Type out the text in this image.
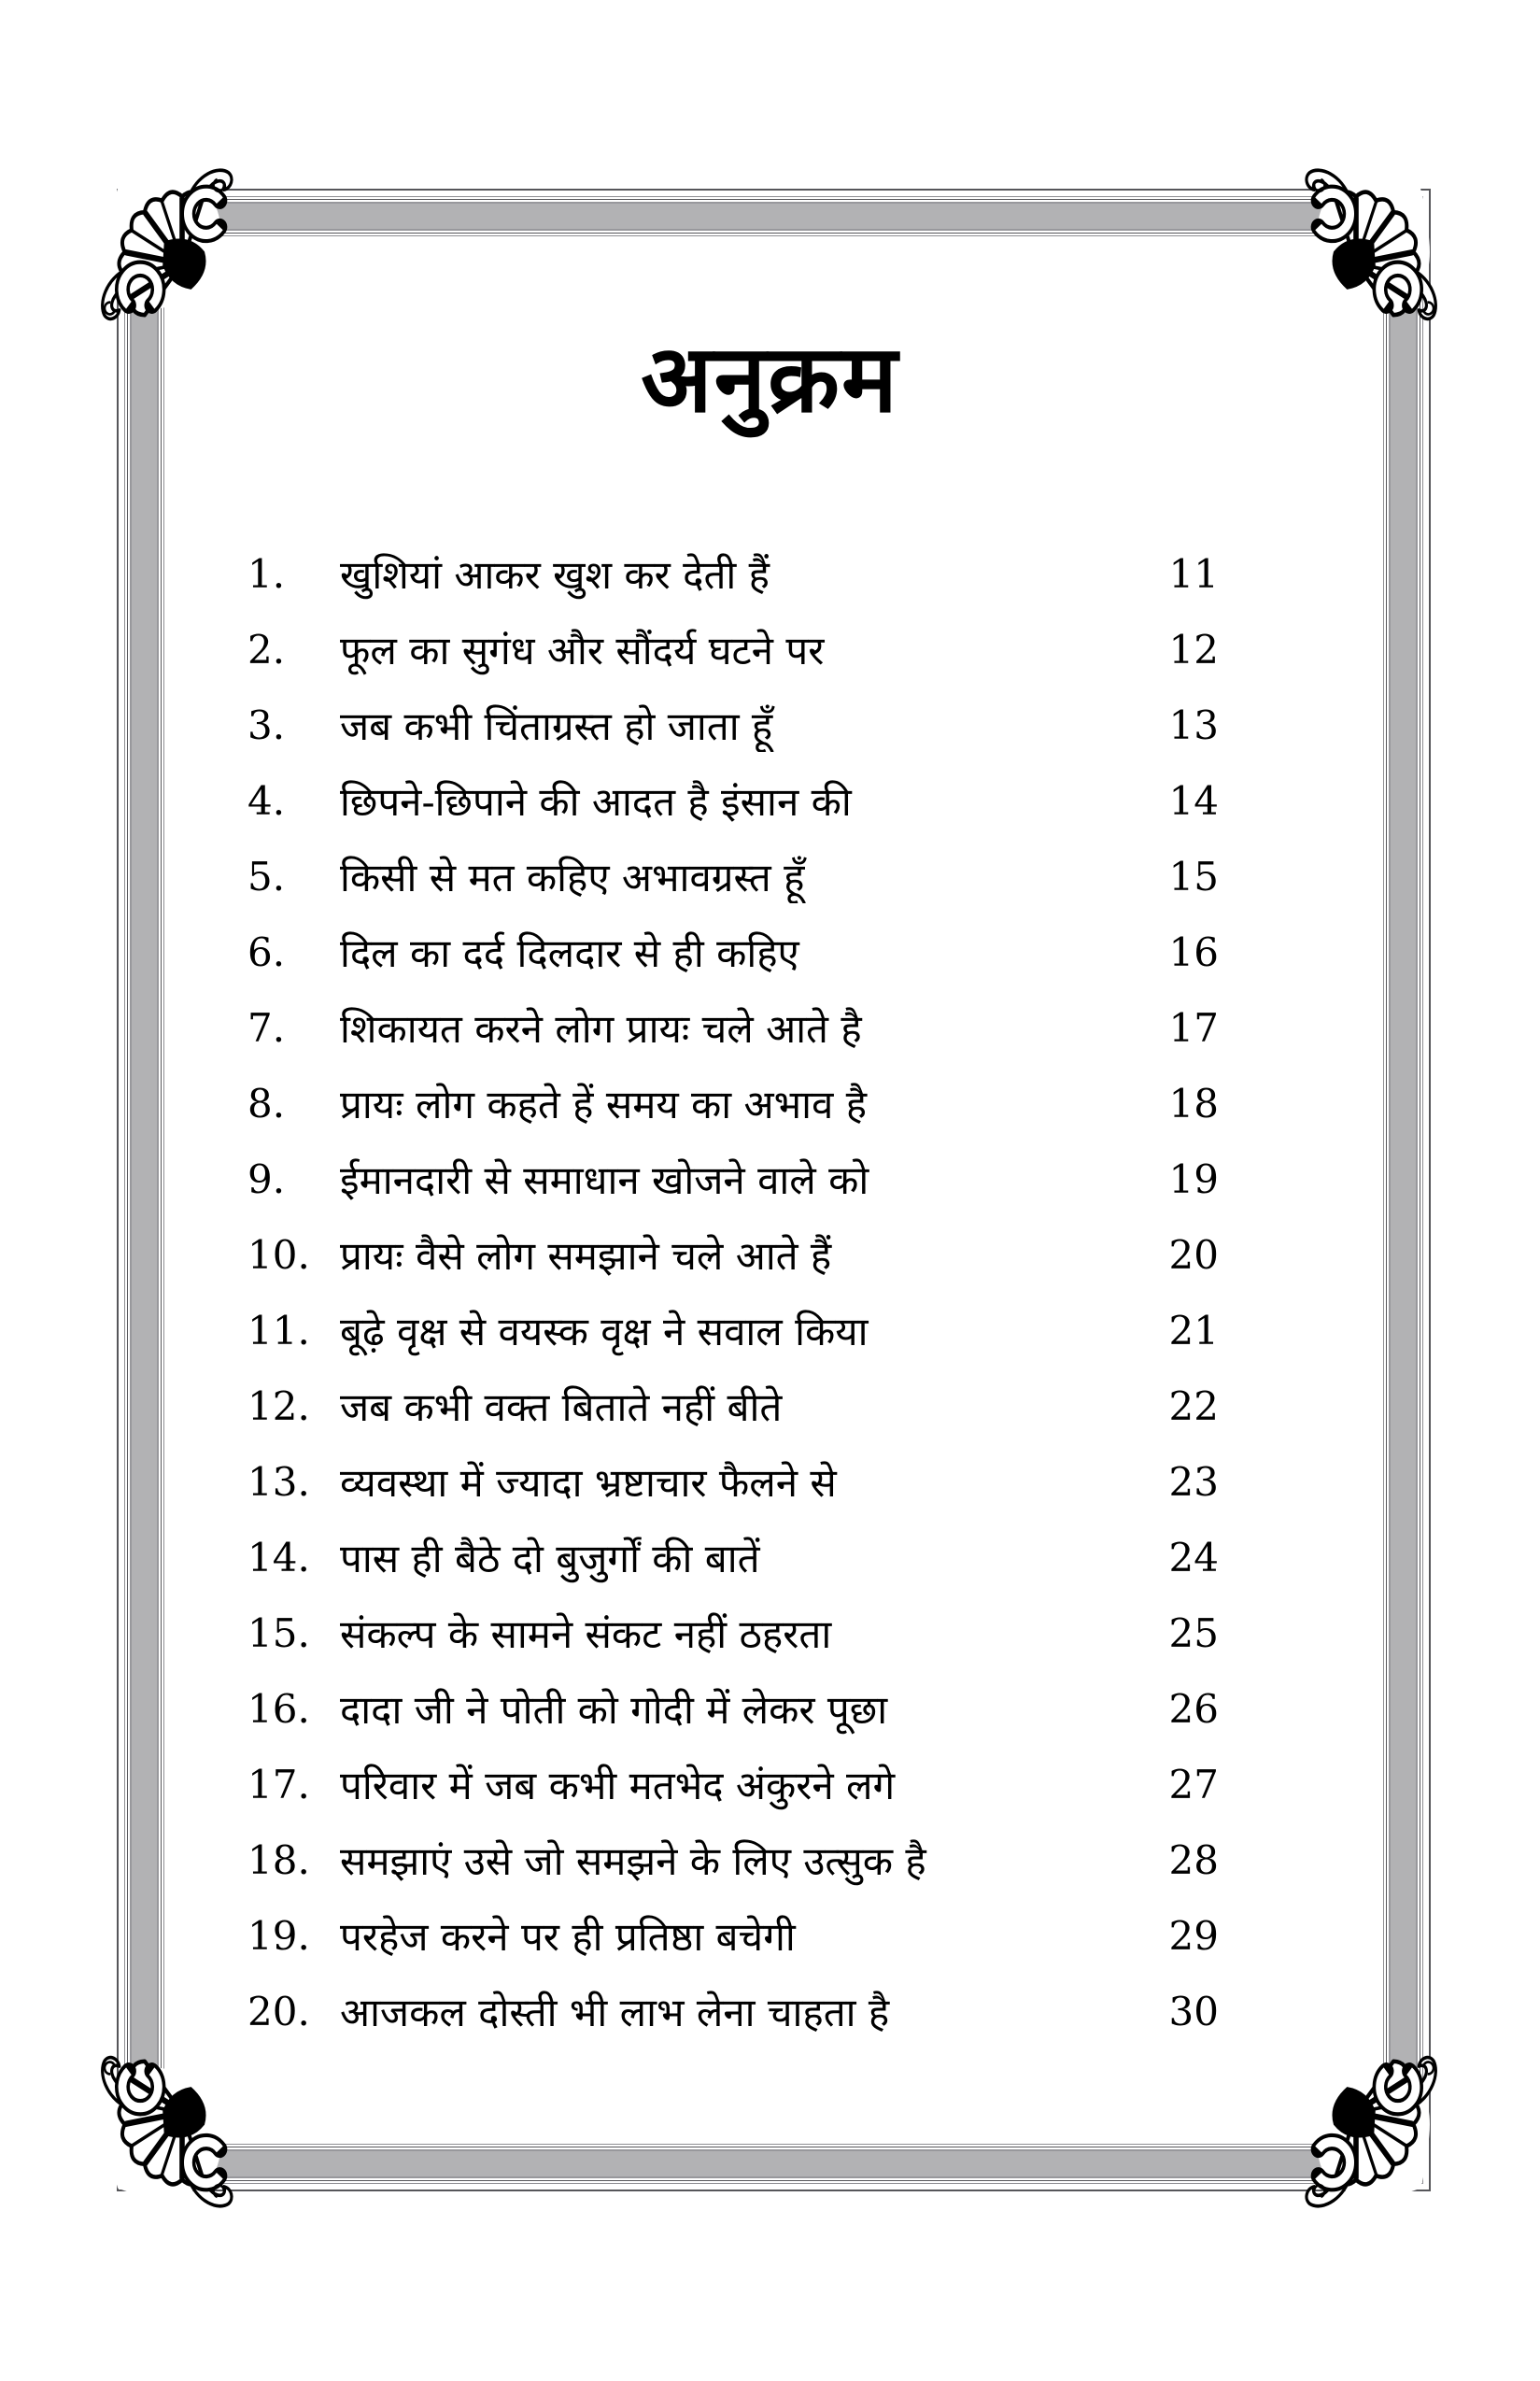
अनुक्रम
1.	खुशियां आकर खुश कर देती हैं	11
2.	फूल का सुगंध और सौंदर्य घटने पर	12
3.	जब कभी चिंताग्रस्त हो जाता हूँ	13
4.	छिपने-छिपाने की आदत है इंसान की	14
5.	किसी से मत कहिए अभावग्रस्त हूँ	15
6.	दिल का दर्द दिलदार से ही कहिए	16
7.	शिकायत करने लोग प्रायः चले आते है	17
8.	प्रायः लोग कहते हें समय का अभाव है	18
9.	ईमानदारी से समाधान खोजने वाले को	19
10. प्रायः वैसे लोग समझाने चले आते हैं	20
11. बूढ़े वृक्ष से वयस्क वृक्ष ने सवाल किया	21
12. जब कभी वक्त बिताते नहीं बीते	22
13. व्यवस्था में ज्यादा भ्रष्टाचार फैलने से	23
14. पास ही बैठे दो बुजुर्गों की बातें	24
15. संकल्प के सामने संकट नहीं ठहरता	25
16. दादा जी ने पोती को गोदी में लेकर पूछा	26
17. परिवार में जब कभी मतभेद अंकुरने लगे	27
18. समझाएं उसे जो समझने के लिए उत्सुक है	28
19. परहेज करने पर ही प्रतिष्ठा बचेगी	29
20. आजकल दोस्ती भी लाभ लेना चाहता है	30
